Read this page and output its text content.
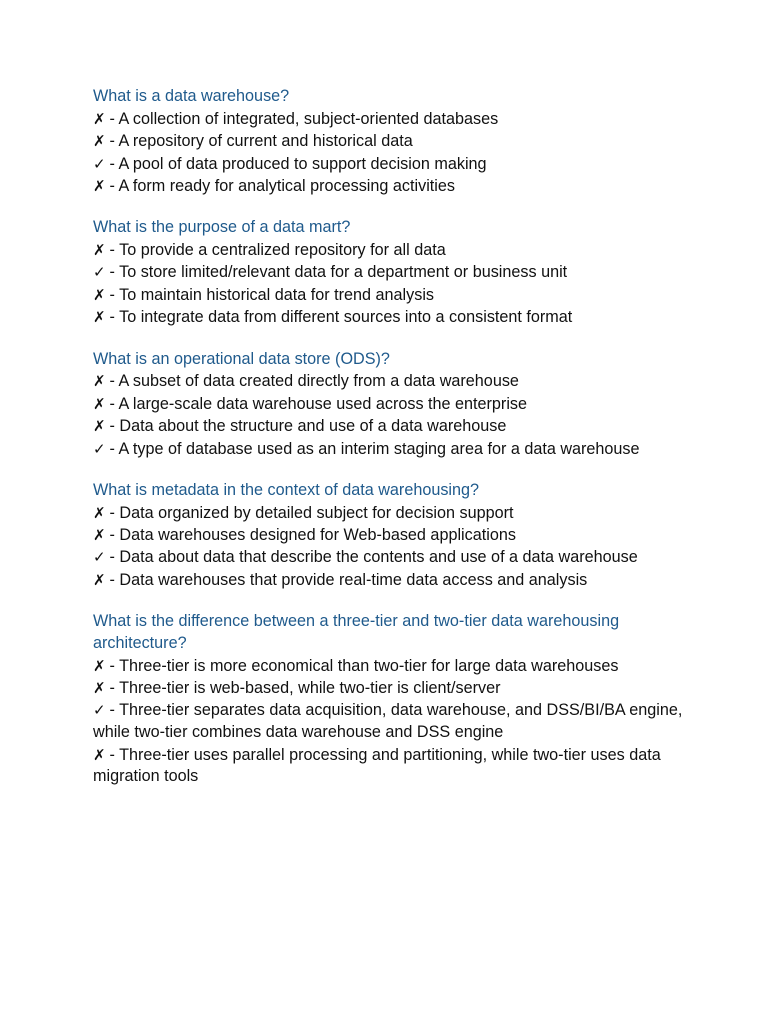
What is a data warehouse?
✗ - A collection of integrated, subject-oriented databases
✗ - A repository of current and historical data
✓ - A pool of data produced to support decision making
✗ - A form ready for analytical processing activities
What is the purpose of a data mart?
✗ - To provide a centralized repository for all data
✓ - To store limited/relevant data for a department or business unit
✗ - To maintain historical data for trend analysis
✗ - To integrate data from different sources into a consistent format
What is an operational data store (ODS)?
✗ - A subset of data created directly from a data warehouse
✗ - A large-scale data warehouse used across the enterprise
✗ - Data about the structure and use of a data warehouse
✓ - A type of database used as an interim staging area for a data warehouse
What is metadata in the context of data warehousing?
✗ - Data organized by detailed subject for decision support
✗ - Data warehouses designed for Web-based applications
✓ - Data about data that describe the contents and use of a data warehouse
✗ - Data warehouses that provide real-time data access and analysis
What is the difference between a three-tier and two-tier data warehousing architecture?
✗ - Three-tier is more economical than two-tier for large data warehouses
✗ - Three-tier is web-based, while two-tier is client/server
✓ - Three-tier separates data acquisition, data warehouse, and DSS/BI/BA engine, while two-tier combines data warehouse and DSS engine
✗ - Three-tier uses parallel processing and partitioning, while two-tier uses data migration tools
